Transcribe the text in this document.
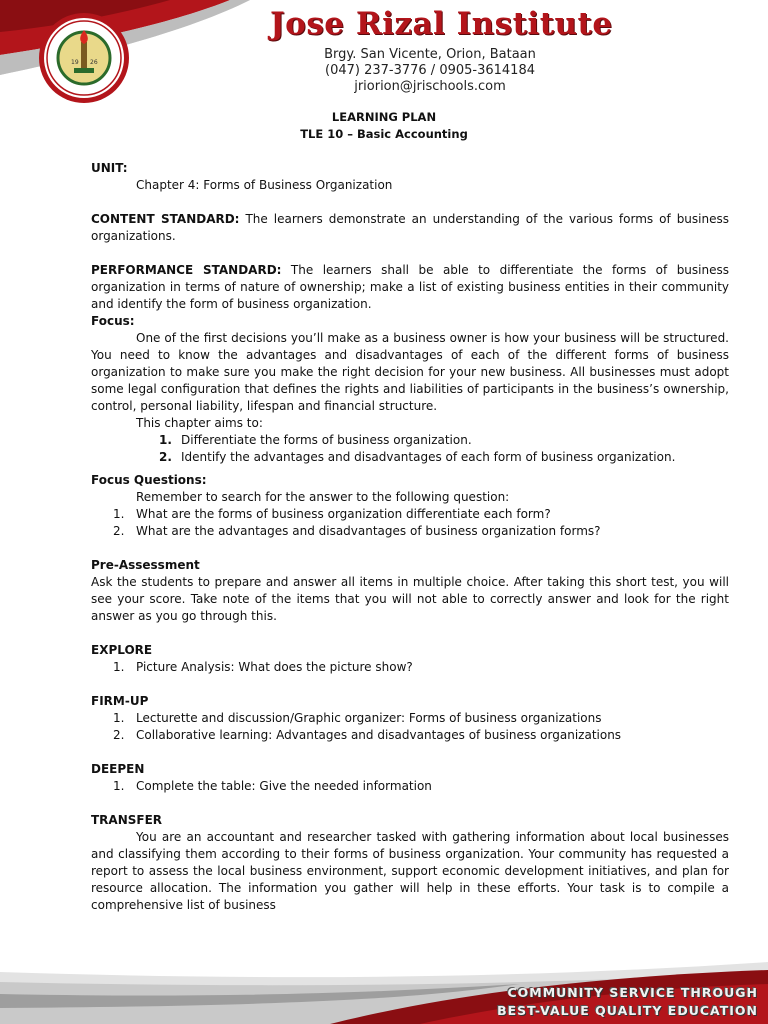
19 26
Jose Rizal Institute
Brgy. San Vicente, Orion, Bataan
(047) 237-3776 / 0905-3614184
jriorion@jrischools.com
LEARNING PLAN
TLE 10 – Basic Accounting

UNIT:

Chapter 4: Forms of Business Organization

CONTENT STANDARD: The learners demonstrate an understanding of the various forms of business organizations.

PERFORMANCE STANDARD: The learners shall be able to differentiate the forms of business organization in terms of nature of ownership; make a list of existing business entities in their community and identify the form of business organization.

Focus:

One of the first decisions you’ll make as a business owner is how your business will be structured. You need to know the advantages and disadvantages of each of the different forms of business organization to make sure you make the right decision for your new business. All businesses must adopt some legal configuration that defines the rights and liabilities of participants in the business’s ownership, control, personal liability, lifespan and financial structure.

This chapter aims to:

1. Differentiate the forms of business organization.
2. Identify the advantages and disadvantages of each form of business organization.

Focus Questions:

Remember to search for the answer to the following question:

1. What are the forms of business organization differentiate each form?
2. What are the advantages and disadvantages of business organization forms?

Pre-Assessment

Ask the students to prepare and answer all items in multiple choice. After taking this short test, you will see your score. Take note of the items that you will not able to correctly answer and look for the right answer as you go through this.

EXPLORE

1. Picture Analysis: What does the picture show?

FIRM-UP

1. Lecturette and discussion/Graphic organizer: Forms of business organizations
2. Collaborative learning: Advantages and disadvantages of business organizations

DEEPEN

1. Complete the table: Give the needed information

TRANSFER

You are an accountant and researcher tasked with gathering information about local businesses and classifying them according to their forms of business organization. Your community has requested a report to assess the local business environment, support economic development initiatives, and plan for resource allocation. The information you gather will help in these efforts. Your task is to compile a comprehensive list of business

COMMUNITY SERVICE THROUGH
BEST-VALUE QUALITY EDUCATION
